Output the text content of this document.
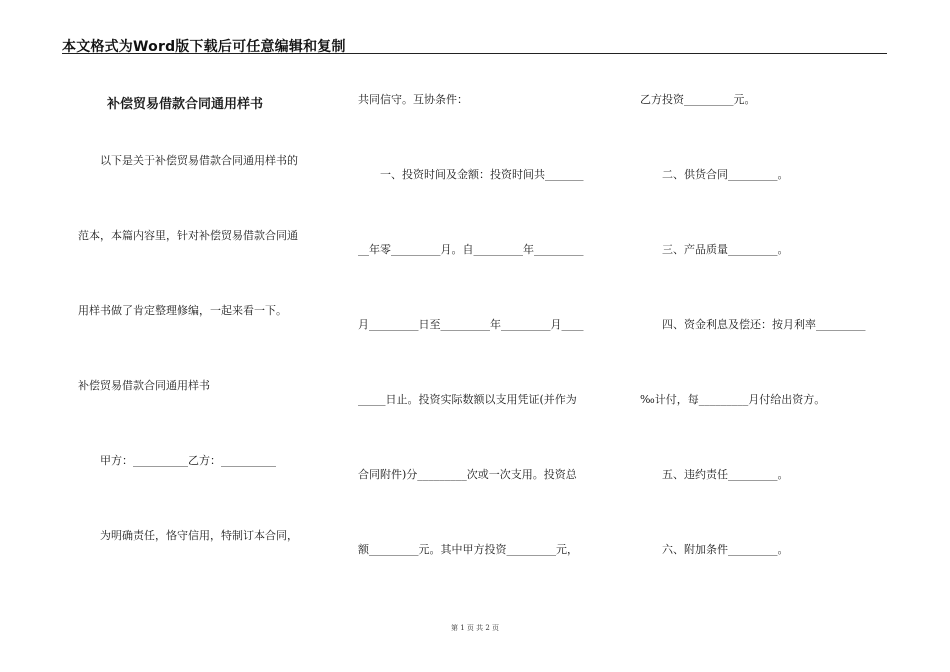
本文格式为Word版下载后可任意编辑和复制
补偿贸易借款合同通用样书
以下是关于补偿贸易借款合同通用样书的
范本，本篇内容里，针对补偿贸易借款合同通
用样书做了肯定整理修编，一起来看一下。
补偿贸易借款合同通用样书
甲方：__________乙方：__________
为明确责任，恪守信用，特制订本合同，
共同信守。互协条件：
一、投资时间及金额：投资时间共_______
__年零_________月。自_________年_________
月_________日至_________年_________月____
_____日止。投资实际数额以支用凭证(并作为
合同附件)分_________次或一次支用。投资总
额_________元。其中甲方投资_________元，
乙方投资_________元。
二、供货合同_________。
三、产品质量_________。
四、资金利息及偿还：按月利率_________
‰计付，每_________月付给出资方。
五、违约责任_________。
六、附加条件_________。
第 1 页 共 2 页
